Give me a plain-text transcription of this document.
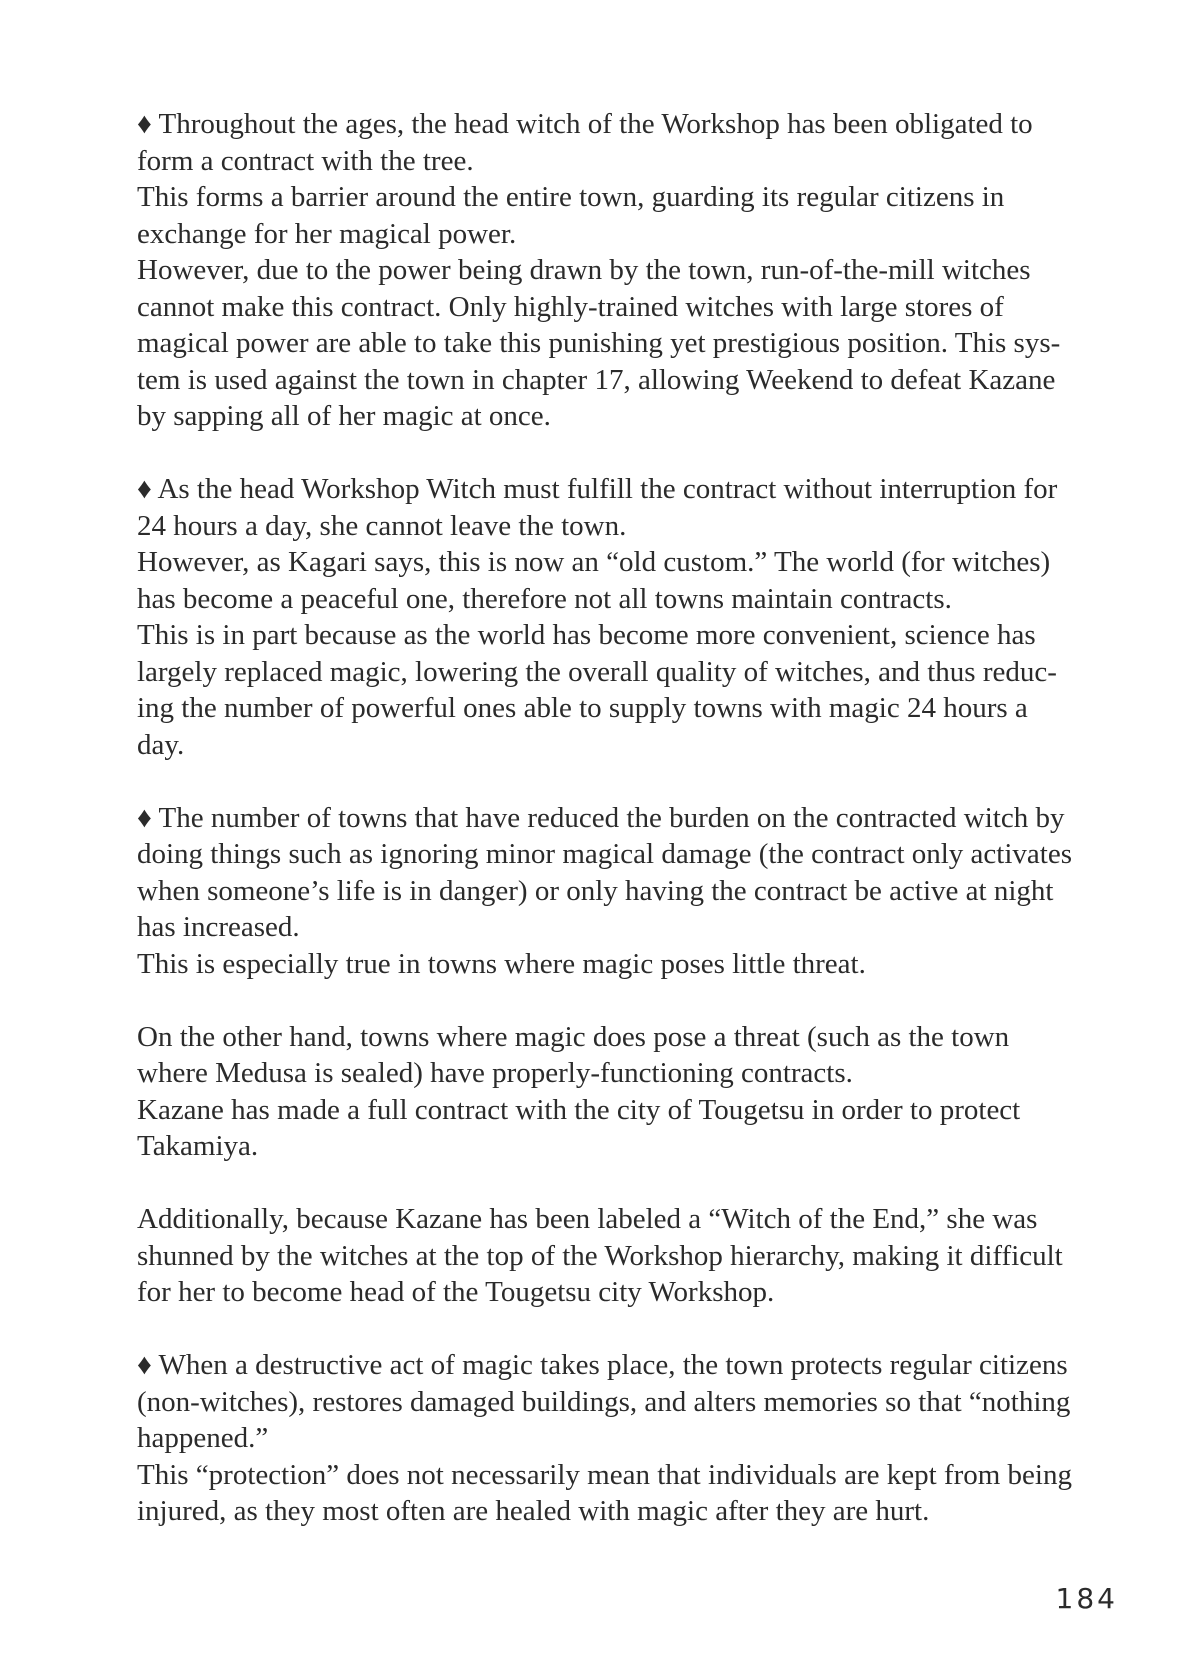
♦ Throughout the ages, the head witch of the Workshop has been obligated to
form a contract with the tree.
This forms a barrier around the entire town, guarding its regular citizens in
exchange for her magical power.
However, due to the power being drawn by the town, run-of-the-mill witches
cannot make this contract. Only highly-trained witches with large stores of
magical power are able to take this punishing yet prestigious position. This sys-
tem is used against the town in chapter 17, allowing Weekend to defeat Kazane
by sapping all of her magic at once.

♦ As the head Workshop Witch must fulfill the contract without interruption for
24 hours a day, she cannot leave the town.
However, as Kagari says, this is now an “old custom.” The world (for witches)
has become a peaceful one, therefore not all towns maintain contracts.
This is in part because as the world has become more convenient, science has
largely replaced magic, lowering the overall quality of witches, and thus reduc-
ing the number of powerful ones able to supply towns with magic 24 hours a
day.

♦ The number of towns that have reduced the burden on the contracted witch by
doing things such as ignoring minor magical damage (the contract only activates
when someone’s life is in danger) or only having the contract be active at night
has increased.
This is especially true in towns where magic poses little threat.

On the other hand, towns where magic does pose a threat (such as the town
where Medusa is sealed) have properly-functioning contracts.
Kazane has made a full contract with the city of Tougetsu in order to protect
Takamiya.

Additionally, because Kazane has been labeled a “Witch of the End,” she was
shunned by the witches at the top of the Workshop hierarchy, making it difficult
for her to become head of the Tougetsu city Workshop.

♦ When a destructive act of magic takes place, the town protects regular citizens
(non-witches), restores damaged buildings, and alters memories so that “nothing
happened.”
This “protection” does not necessarily mean that individuals are kept from being
injured, as they most often are healed with magic after they are hurt.

184
